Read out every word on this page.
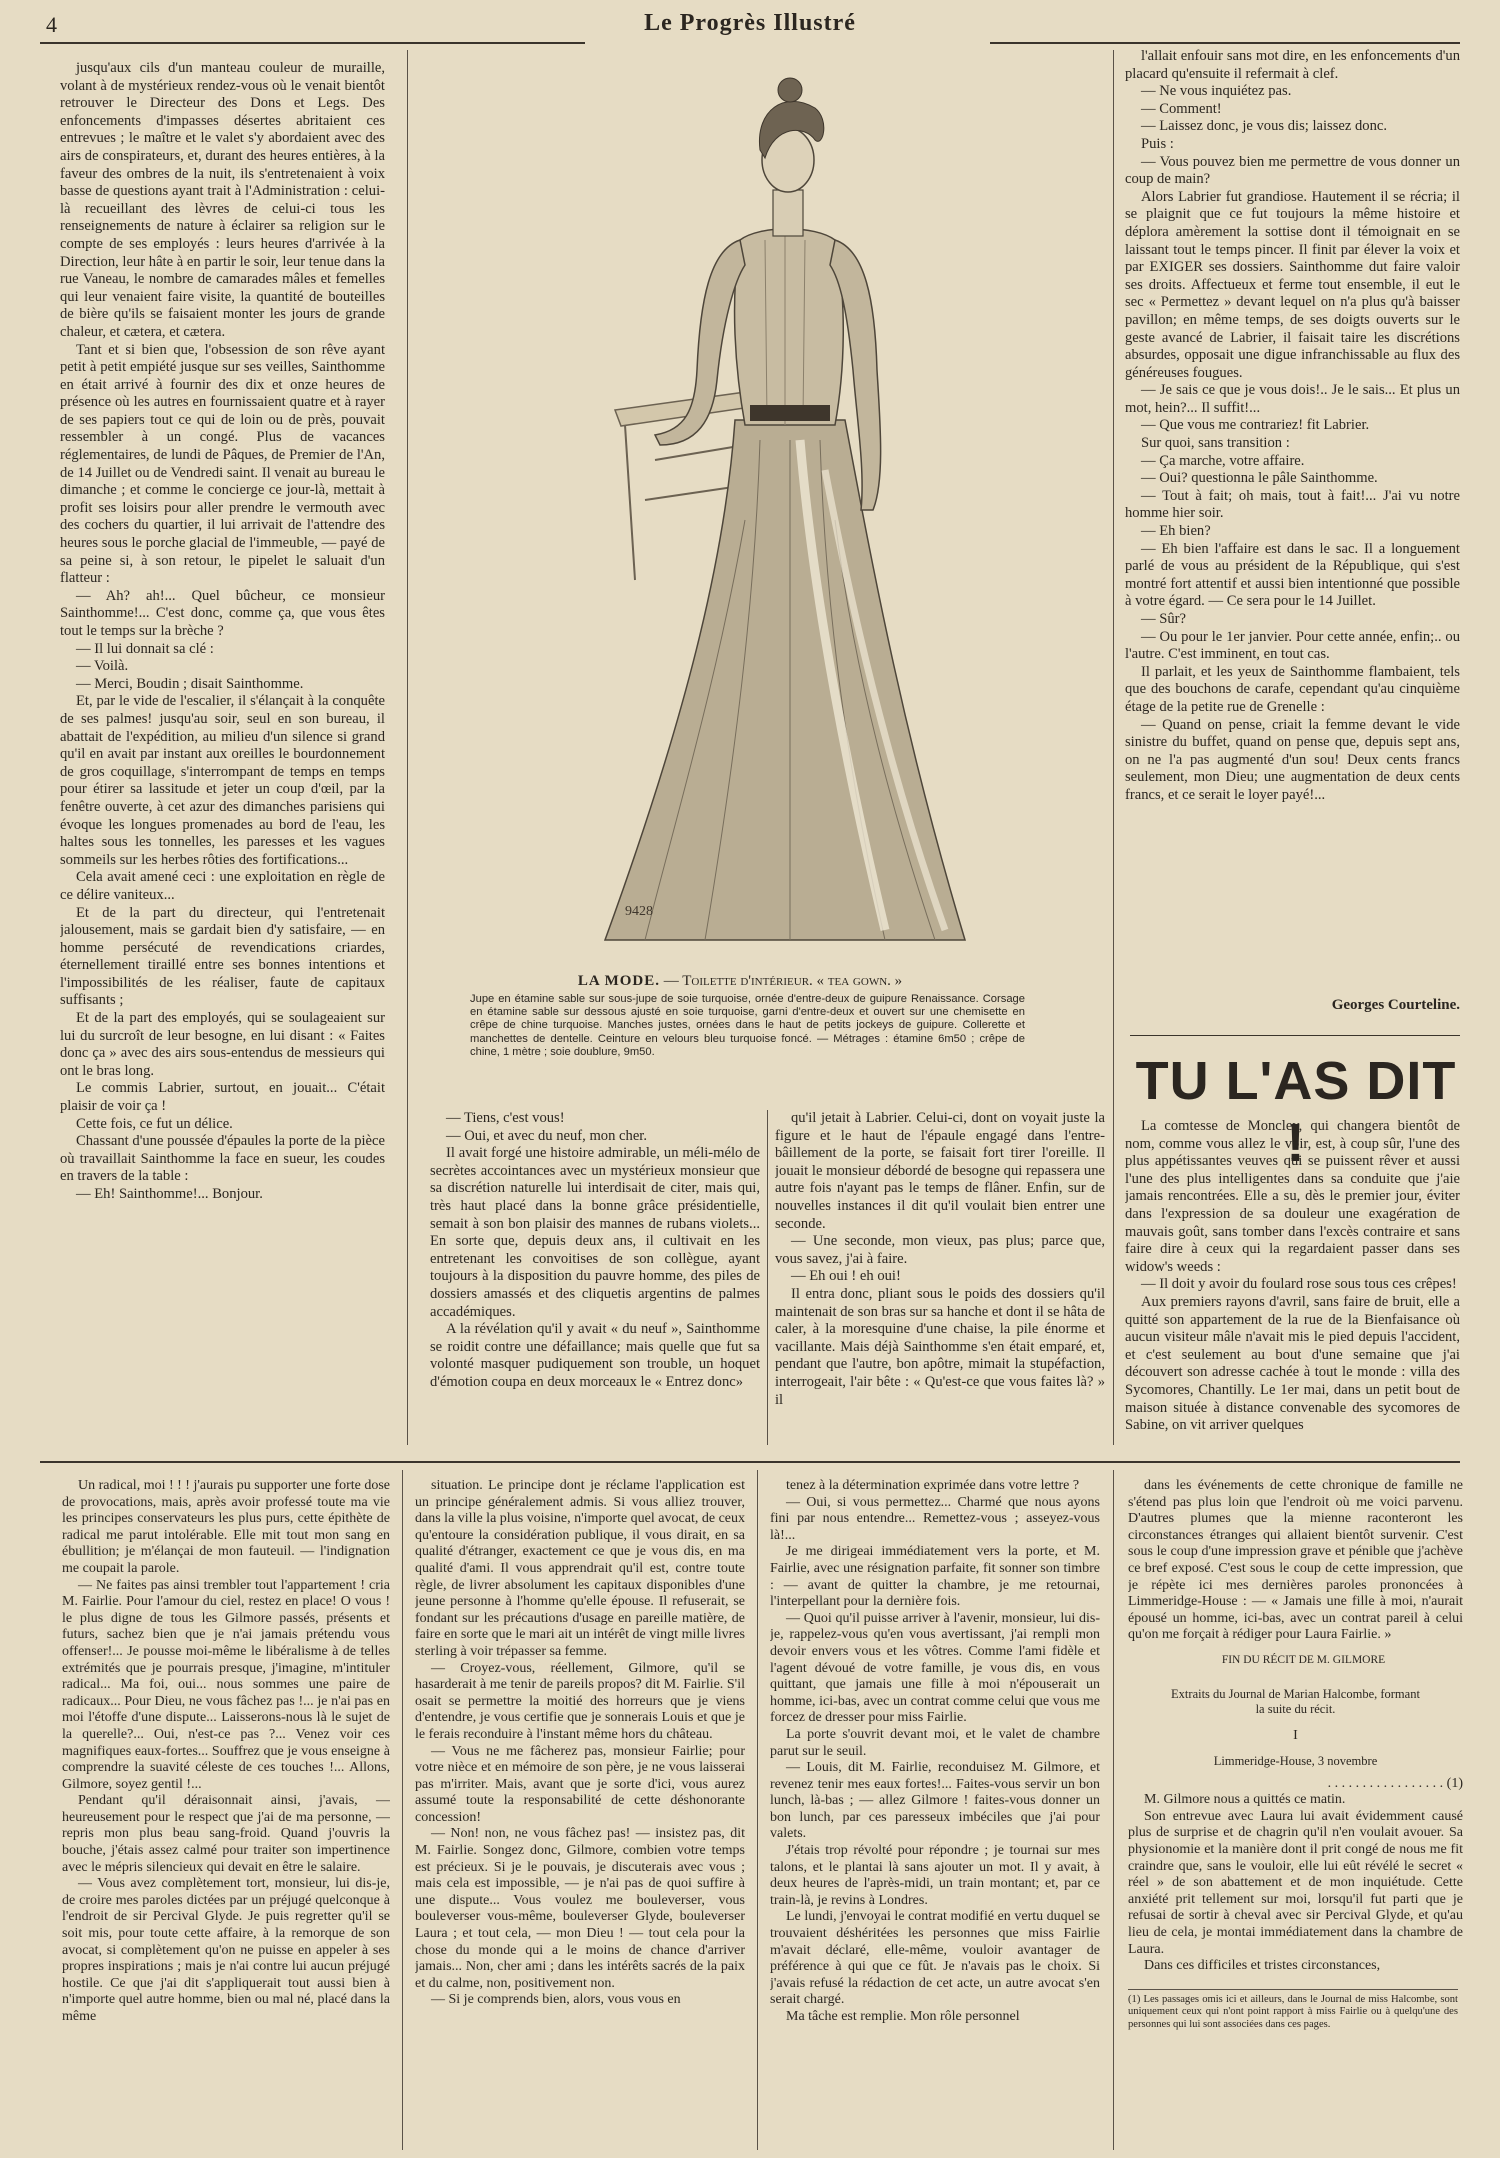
4	Le Progrès Illustré

jusqu'aux cils d'un manteau couleur de muraille, volant à de mystérieux rendez-vous où le venait bientôt retrouver le Directeur des Dons et Legs. Des enfoncements d'impasses désertes abritaient ces entrevues ; le maître et le valet s'y abordaient avec des airs de conspirateurs, et, durant des heures entières, à la faveur des ombres de la nuit, ils s'entretenaient à voix basse de questions ayant trait à l'Administration : celui-là recueillant des lèvres de celui-ci tous les renseignements de nature à éclairer sa religion sur le compte de ses employés : leurs heures d'arrivée à la Direction, leur hâte à en partir le soir, leur tenue dans la rue Vaneau, le nombre de camarades mâles et femelles qui leur venaient faire visite, la quantité de bouteilles de bière qu'ils se faisaient monter les jours de grande chaleur, et cætera, et cætera.

Tant et si bien que, l'obsession de son rêve ayant petit à petit empiété jusque sur ses veilles, Sainthomme en était arrivé à fournir des dix et onze heures de présence où les autres en fournissaient quatre et à rayer de ses papiers tout ce qui de loin ou de près, pouvait ressembler à un congé. Plus de vacances réglementaires, de lundi de Pâques, de Premier de l'An, de 14 Juillet ou de Vendredi saint. Il venait au bureau le dimanche ; et comme le concierge ce jour-là, mettait à profit ses loisirs pour aller prendre le vermouth avec des cochers du quartier, il lui arrivait de l'attendre des heures sous le porche glacial de l'immeuble, — payé de sa peine si, à son retour, le pipelet le saluait d'un flatteur :

— Ah? ah!... Quel bûcheur, ce monsieur Sainthomme!... C'est donc, comme ça, que vous êtes tout le temps sur la brèche ?

— Il lui donnait sa clé :

— Voilà.

— Merci, Boudin ; disait Sainthomme.

Et, par le vide de l'escalier, il s'élançait à la conquête de ses palmes! jusqu'au soir, seul en son bureau, il abattait de l'expédition, au milieu d'un silence si grand qu'il en avait par instant aux oreilles le bourdonnement de gros coquillage, s'interrompant de temps en temps pour étirer sa lassitude et jeter un coup d'œil, par la fenêtre ouverte, à cet azur des dimanches parisiens qui évoque les longues promenades au bord de l'eau, les haltes sous les tonnelles, les paresses et les vagues sommeils sur les herbes rôties des fortifications...

Cela avait amené ceci : une exploitation en règle de ce délire vaniteux...

Et de la part du directeur, qui l'entretenait jalousement, mais se gardait bien d'y satisfaire, — en homme persécuté de revendications criardes, éternellement tiraillé entre ses bonnes intentions et l'impossibilités de les réaliser, faute de capitaux suffisants ;

Et de la part des employés, qui se soulageaient sur lui du surcroît de leur besogne, en lui disant : « Faites donc ça » avec des airs sous-entendus de messieurs qui ont le bras long.

Le commis Labrier, surtout, en jouait... C'était plaisir de voir ça !

Cette fois, ce fut un délice.

Chassant d'une poussée d'épaules la porte de la pièce où travaillait Sainthomme la face en sueur, les coudes en travers de la table :

— Eh! Sainthomme!... Bonjour.

9428
LA MODE. — Toilette d'intérieur. « tea gown. »
Jupe en étamine sable sur sous-jupe de soie turquoise, ornée d'entre-deux de guipure Renaissance. Corsage en étamine sable sur dessous ajusté en soie turquoise, garni d'entre-deux et ouvert sur une chemisette en crêpe de chine turquoise. Manches justes, ornées dans le haut de petits jockeys de guipure. Collerette et manchettes de dentelle. Ceinture en velours bleu turquoise foncé. — Métrages : étamine 6m50 ; crêpe de chine, 1 mètre ; soie doublure, 9m50.

— Tiens, c'est vous!

— Oui, et avec du neuf, mon cher.

Il avait forgé une histoire admirable, un méli-mélo de secrètes accointances avec un mystérieux monsieur que sa discrétion naturelle lui interdisait de citer, mais qui, très haut placé dans la bonne grâce présidentielle, semait à son bon plaisir des mannes de rubans violets... En sorte que, depuis deux ans, il cultivait en les entretenant les convoitises de son collègue, ayant toujours à la disposition du pauvre homme, des piles de dossiers amassés et des cliquetis argentins de palmes accadémiques.

A la révélation qu'il y avait « du neuf », Sainthomme se roidit contre une défaillance; mais quelle que fut sa volonté masquer pudiquement son trouble, un hoquet d'émotion coupa en deux morceaux le « Entrez donc»

qu'il jetait à Labrier. Celui-ci, dont on voyait juste la figure et le haut de l'épaule engagé dans l'entre-bâillement de la porte, se faisait fort tirer l'oreille. Il jouait le monsieur débordé de besogne qui repassera une autre fois n'ayant pas le temps de flâner. Enfin, sur de nouvelles instances il dit qu'il voulait bien entrer une seconde.

— Une seconde, mon vieux, pas plus; parce que, vous savez, j'ai à faire.

— Eh oui ! eh oui!

Il entra donc, pliant sous le poids des dossiers qu'il maintenait de son bras sur sa hanche et dont il se hâta de caler, à la moresquine d'une chaise, la pile énorme et vacillante. Mais déjà Sainthomme s'en était emparé, et, pendant que l'autre, bon apôtre, mimait la stupéfaction, interrogeait, l'air bête : « Qu'est-ce que vous faites là? » il

l'allait enfouir sans mot dire, en les enfoncements d'un placard qu'ensuite il refermait à clef.

— Ne vous inquiétez pas.

— Comment!

— Laissez donc, je vous dis; laissez donc.

Puis :

— Vous pouvez bien me permettre de vous donner un coup de main?

Alors Labrier fut grandiose. Hautement il se récria; il se plaignit que ce fut toujours la même histoire et déplora amèrement la sottise dont il témoignait en se laissant tout le temps pincer. Il finit par élever la voix et par EXIGER ses dossiers. Sainthomme dut faire valoir ses droits. Affectueux et ferme tout ensemble, il eut le sec « Permettez » devant lequel on n'a plus qu'à baisser pavillon; en même temps, de ses doigts ouverts sur le geste avancé de Labrier, il faisait taire les discrétions absurdes, opposait une digue infranchissable au flux des généreuses fougues.

— Je sais ce que je vous dois!.. Je le sais... Et plus un mot, hein?... Il suffit!...

— Que vous me contrariez! fit Labrier.

Sur quoi, sans transition :

— Ça marche, votre affaire.

— Oui? questionna le pâle Sainthomme.

— Tout à fait; oh mais, tout à fait!... J'ai vu notre homme hier soir.

— Eh bien?

— Eh bien l'affaire est dans le sac. Il a longuement parlé de vous au président de la République, qui s'est montré fort attentif et aussi bien intentionné que possible à votre égard. — Ce sera pour le 14 Juillet.

— Sûr?

— Ou pour le 1er janvier. Pour cette année, enfin;.. ou l'autre. C'est imminent, en tout cas.

Il parlait, et les yeux de Sainthomme flambaient, tels que des bouchons de carafe, cependant qu'au cinquième étage de la petite rue de Grenelle :

— Quand on pense, criait la femme devant le vide sinistre du buffet, quand on pense que, depuis sept ans, on ne l'a pas augmenté d'un sou! Deux cents francs seulement, mon Dieu; une augmentation de deux cents francs, et ce serait le loyer payé!...

Georges Courteline.
TU L'AS DIT !

La comtesse de Moncley, qui changera bientôt de nom, comme vous allez le voir, est, à coup sûr, l'une des plus appétissantes veuves qui se puissent rêver et aussi l'une des plus intelligentes dans sa conduite que j'aie jamais rencontrées. Elle a su, dès le premier jour, éviter dans l'expression de sa douleur une exagération de mauvais goût, sans tomber dans l'excès contraire et sans faire dire à ceux qui la regardaient passer dans ses widow's weeds :

— Il doit y avoir du foulard rose sous tous ces crêpes!

Aux premiers rayons d'avril, sans faire de bruit, elle a quitté son appartement de la rue de la Bienfaisance où aucun visiteur mâle n'avait mis le pied depuis l'accident, et c'est seulement au bout d'une semaine que j'ai découvert son adresse cachée à tout le monde : villa des Sycomores, Chantilly. Le 1er mai, dans un petit bout de maison située à distance convenable des sycomores de Sabine, on vit arriver quelques

Un radical, moi ! ! ! j'aurais pu supporter une forte dose de provocations, mais, après avoir professé toute ma vie les principes conservateurs les plus purs, cette épithète de radical me parut intolérable. Elle mit tout mon sang en ébullition; je m'élançai de mon fauteuil. — l'indignation me coupait la parole.

— Ne faites pas ainsi trembler tout l'appartement ! cria M. Fairlie. Pour l'amour du ciel, restez en place! O vous ! le plus digne de tous les Gilmore passés, présents et futurs, sachez bien que je n'ai jamais prétendu vous offenser!... Je pousse moi-même le libéralisme à de telles extrémités que je pourrais presque, j'imagine, m'intituler radical... Ma foi, oui... nous sommes une paire de radicaux... Pour Dieu, ne vous fâchez pas !... je n'ai pas en moi l'étoffe d'une dispute... Laisserons-nous là le sujet de la querelle?... Oui, n'est-ce pas ?... Venez voir ces magnifiques eaux-fortes... Souffrez que je vous enseigne à comprendre la suavité céleste de ces touches !... Allons, Gilmore, soyez gentil !...

Pendant qu'il déraisonnait ainsi, j'avais, — heureusement pour le respect que j'ai de ma personne, — repris mon plus beau sang-froid. Quand j'ouvris la bouche, j'étais assez calmé pour traiter son impertinence avec le mépris silencieux qui devait en être le salaire.

— Vous avez complètement tort, monsieur, lui dis-je, de croire mes paroles dictées par un préjugé quelconque à l'endroit de sir Percival Glyde. Je puis regretter qu'il se soit mis, pour toute cette affaire, à la remorque de son avocat, si complètement qu'on ne puisse en appeler à ses propres inspirations ; mais je n'ai contre lui aucun préjugé hostile. Ce que j'ai dit s'appliquerait tout aussi bien à n'importe quel autre homme, bien ou mal né, placé dans la même

situation. Le principe dont je réclame l'application est un principe généralement admis. Si vous alliez trouver, dans la ville la plus voisine, n'importe quel avocat, de ceux qu'entoure la considération publique, il vous dirait, en sa qualité d'étranger, exactement ce que je vous dis, en ma qualité d'ami. Il vous apprendrait qu'il est, contre toute règle, de livrer absolument les capitaux disponibles d'une jeune personne à l'homme qu'elle épouse. Il refuserait, se fondant sur les précautions d'usage en pareille matière, de faire en sorte que le mari ait un intérêt de vingt mille livres sterling à voir trépasser sa femme.

— Croyez-vous, réellement, Gilmore, qu'il se hasarderait à me tenir de pareils propos? dit M. Fairlie. S'il osait se permettre la moitié des horreurs que je viens d'entendre, je vous certifie que je sonnerais Louis et que je le ferais reconduire à l'instant même hors du château.

— Vous ne me fâcherez pas, monsieur Fairlie; pour votre nièce et en mémoire de son père, je ne vous laisserai pas m'irriter. Mais, avant que je sorte d'ici, vous aurez assumé toute la responsabilité de cette déshonorante concession!

— Non! non, ne vous fâchez pas! — insistez pas, dit M. Fairlie. Songez donc, Gilmore, combien votre temps est précieux. Si je le pouvais, je discuterais avec vous ; mais cela est impossible, — je n'ai pas de quoi suffire à une dispute... Vous voulez me bouleverser, vous bouleverser vous-même, bouleverser Glyde, bouleverser Laura ; et tout cela, — mon Dieu ! — tout cela pour la chose du monde qui a le moins de chance d'arriver jamais... Non, cher ami ; dans les intérêts sacrés de la paix et du calme, non, positivement non.

— Si je comprends bien, alors, vous vous en

tenez à la détermination exprimée dans votre lettre ?

— Oui, si vous permettez... Charmé que nous ayons fini par nous entendre... Remettez-vous ; asseyez-vous là!...

Je me dirigeai immédiatement vers la porte, et M. Fairlie, avec une résignation parfaite, fit sonner son timbre : — avant de quitter la chambre, je me retournai, l'interpellant pour la dernière fois.

— Quoi qu'il puisse arriver à l'avenir, monsieur, lui dis-je, rappelez-vous qu'en vous avertissant, j'ai rempli mon devoir envers vous et les vôtres. Comme l'ami fidèle et l'agent dévoué de votre famille, je vous dis, en vous quittant, que jamais une fille à moi n'épouserait un homme, ici-bas, avec un contrat comme celui que vous me forcez de dresser pour miss Fairlie.

La porte s'ouvrit devant moi, et le valet de chambre parut sur le seuil.

— Louis, dit M. Fairlie, reconduisez M. Gilmore, et revenez tenir mes eaux fortes!... Faites-vous servir un bon lunch, là-bas ; — allez Gilmore ! faites-vous donner un bon lunch, par ces paresseux imbéciles que j'ai pour valets.

J'étais trop révolté pour répondre ; je tournai sur mes talons, et le plantai là sans ajouter un mot. Il y avait, à deux heures de l'après-midi, un train montant; et, par ce train-là, je revins à Londres.

Le lundi, j'envoyai le contrat modifié en vertu duquel se trouvaient déshéritées les personnes que miss Fairlie m'avait déclaré, elle-même, vouloir avantager de préférence à qui que ce fût. Je n'avais pas le choix. Si j'avais refusé la rédaction de cet acte, un autre avocat s'en serait chargé.

Ma tâche est remplie. Mon rôle personnel

dans les événements de cette chronique de famille ne s'étend pas plus loin que l'endroit où me voici parvenu. D'autres plumes que la mienne raconteront les circonstances étranges qui allaient bientôt survenir. C'est sous le coup d'une impression grave et pénible que j'achève ce bref exposé. C'est sous le coup de cette impression, que je répète ici mes dernières paroles prononcées à Limmeridge-House : — « Jamais une fille à moi, n'aurait épousé un homme, ici-bas, avec un contrat pareil à celui qu'on me forçait à rédiger pour Laura Fairlie. »

FIN DU RÉCIT DE M. GILMORE

Extraits du Journal de Marian Halcombe, formant la suite du récit.

I

Limmeridge-House, 3 novembre

. . . . . . . . . . . . . . . . . (1)

M. Gilmore nous a quittés ce matin.

Son entrevue avec Laura lui avait évidemment causé plus de surprise et de chagrin qu'il n'en voulait avouer. Sa physionomie et la manière dont il prit congé de nous me fit craindre que, sans le vouloir, elle lui eût révélé le secret « réel » de son abattement et de mon inquiétude. Cette anxiété prit tellement sur moi, lorsqu'il fut parti que je refusai de sortir à cheval avec sir Percival Glyde, et qu'au lieu de cela, je montai immédiatement dans la chambre de Laura.

Dans ces difficiles et tristes circonstances,

(1) Les passages omis ici et ailleurs, dans le Journal de miss Halcombe, sont uniquement ceux qui n'ont point rapport à miss Fairlie ou à quelqu'une des personnes qui lui sont associées dans ces pages.
